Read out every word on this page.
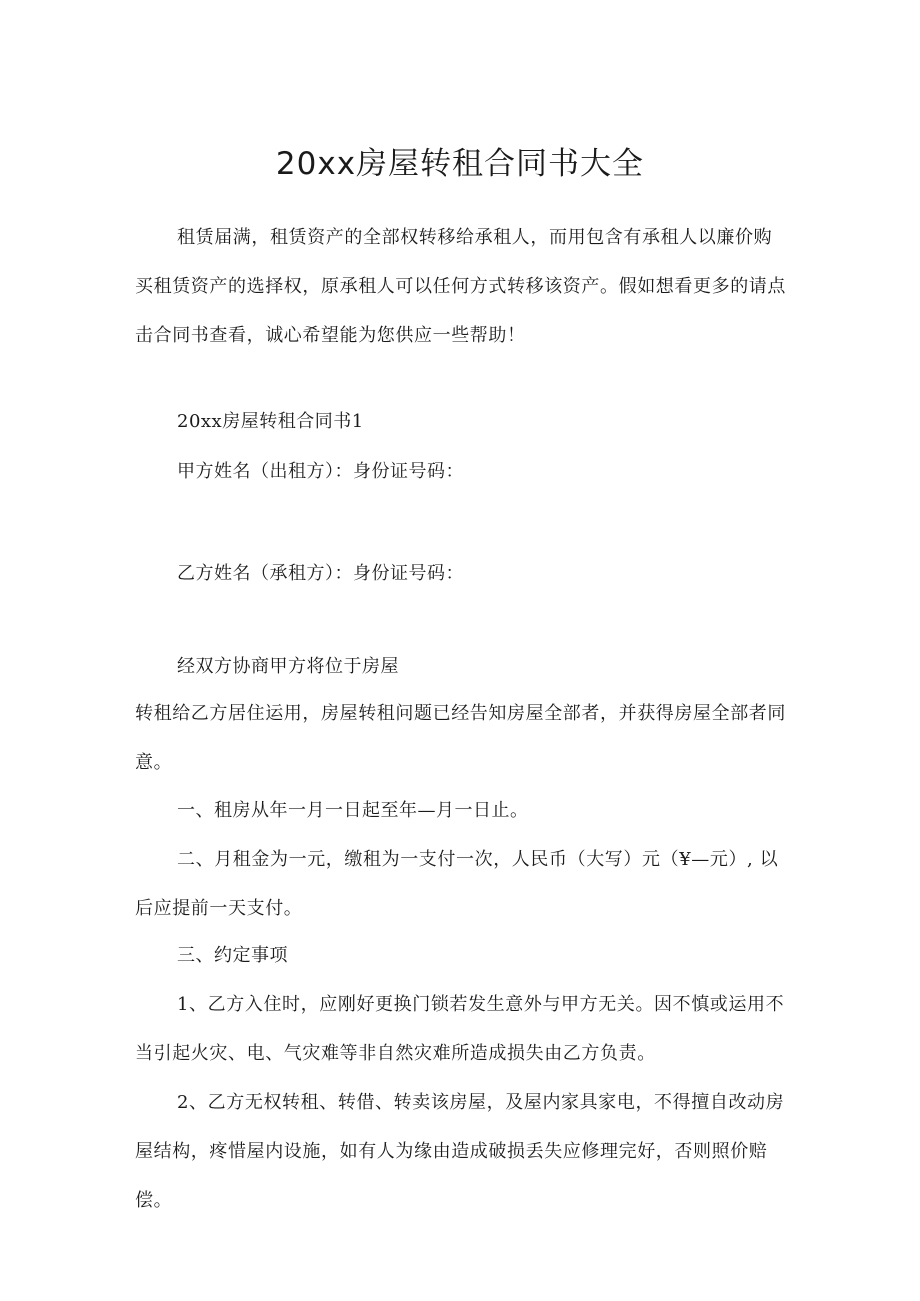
20xx房屋转租合同书大全

租赁届满，租赁资产的全部权转移给承租人，而用包含有承租人以廉价购买租赁资产的选择权，原承租人可以任何方式转移该资产。假如想看更多的请点击合同书查看，诚心希望能为您供应一些帮助！

20xx房屋转租合同书1

甲方姓名（出租方）：身份证号码：

乙方姓名（承租方）：身份证号码：

经双方协商甲方将位于房屋

转租给乙方居住运用，房屋转租问题已经告知房屋全部者，并获得房屋全部者同意。

一、租房从年一月一日起至年—月一日止。

二、月租金为一元，缴租为一支付一次，人民币（大写）元（¥—元）, 以后应提前一天支付。

三、约定事项

1、乙方入住时，应刚好更换门锁若发生意外与甲方无关。因不慎或运用不当引起火灾、电、气灾难等非自然灾难所造成损失由乙方负责。

2、乙方无权转租、转借、转卖该房屋，及屋内家具家电，不得擅自改动房屋结构，疼惜屋内设施，如有人为缘由造成破损丢失应修理完好，否则照价赔偿。
